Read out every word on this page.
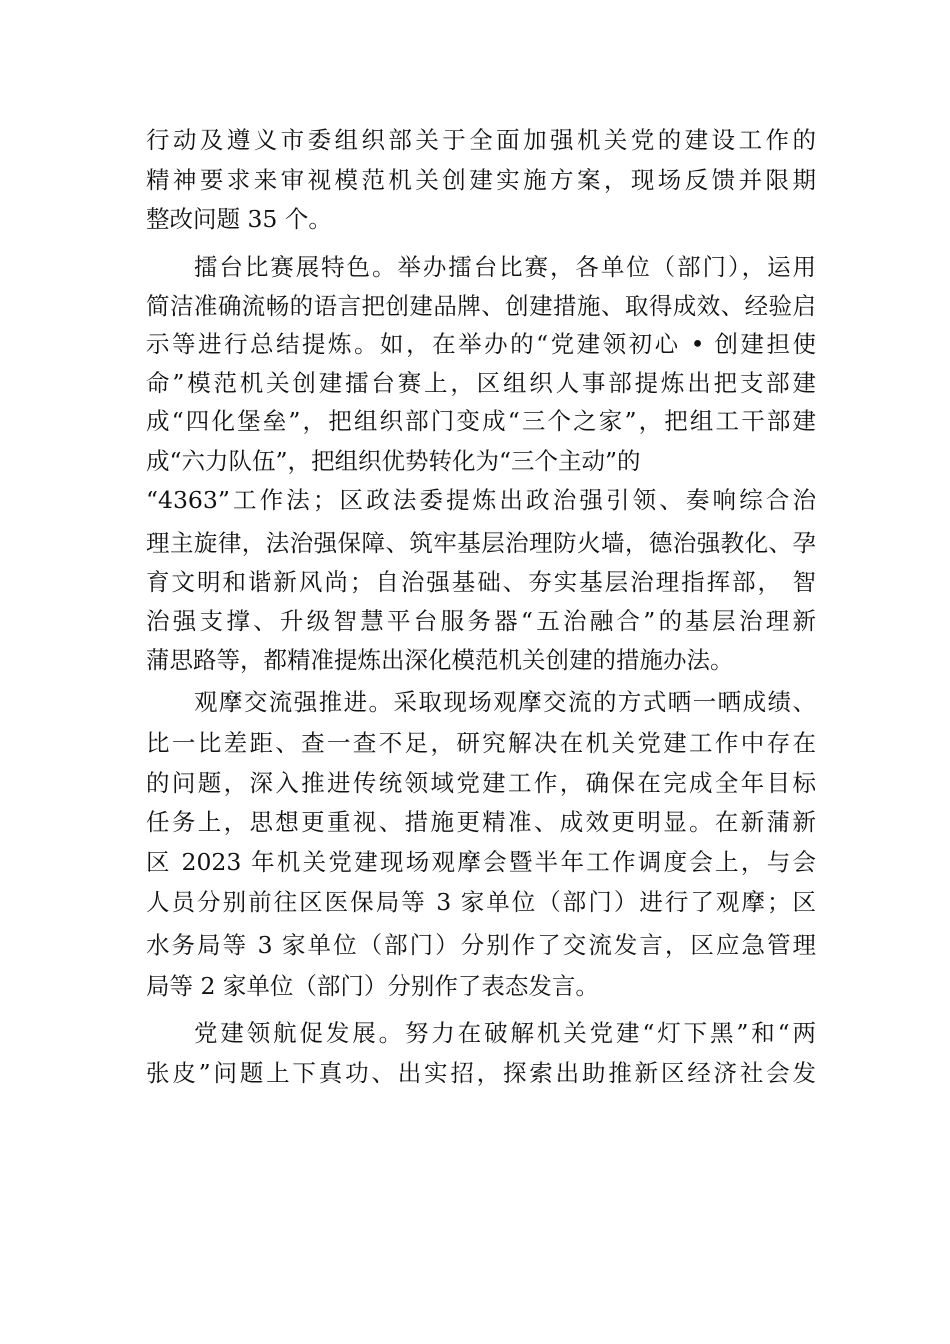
行动及遵义市委组织部关于全面加强机关党的建设工作的

精神要求来审视模范机关创建实施方案，现场反馈并限期

整改问题 35 个。

擂台比赛展特色。举办擂台比赛，各单位（部门），运用

简洁准确流畅的语言把创建品牌、创建措施、取得成效、经验启

示等进行总结提炼。如，在举办的“党建领初心 • 创建担使

命”模范机关创建擂台赛上，区组织人事部提炼出把支部建

成“四化堡垒”，把组织部门变成“三个之家”，把组工干部建

成“六力队伍”，把组织优势转化为“三个主动”的

“4363”工作法；区政法委提炼出政治强引领、奏响综合治

理主旋律，法治强保障、筑牢基层治理防火墙，德治强教化、孕

育文明和谐新风尚；自治强基础、夯实基层治理指挥部， 智

治强支撑、升级智慧平台服务器“五治融合”的基层治理新

蒲思路等，都精准提炼出深化模范机关创建的措施办法。

观摩交流强推进。采取现场观摩交流的方式晒一晒成绩、

比一比差距、查一查不足，研究解决在机关党建工作中存在

的问题，深入推进传统领域党建工作，确保在完成全年目标

任务上，思想更重视、措施更精准、成效更明显。在新蒲新

区 2023 年机关党建现场观摩会暨半年工作调度会上，与会

人员分别前往区医保局等 3 家单位（部门）进行了观摩；区

水务局等 3 家单位（部门）分别作了交流发言，区应急管理

局等 2 家单位（部门）分别作了表态发言。

党建领航促发展。努力在破解机关党建“灯下黑”和“两

张皮”问题上下真功、出实招，探索出助推新区经济社会发
